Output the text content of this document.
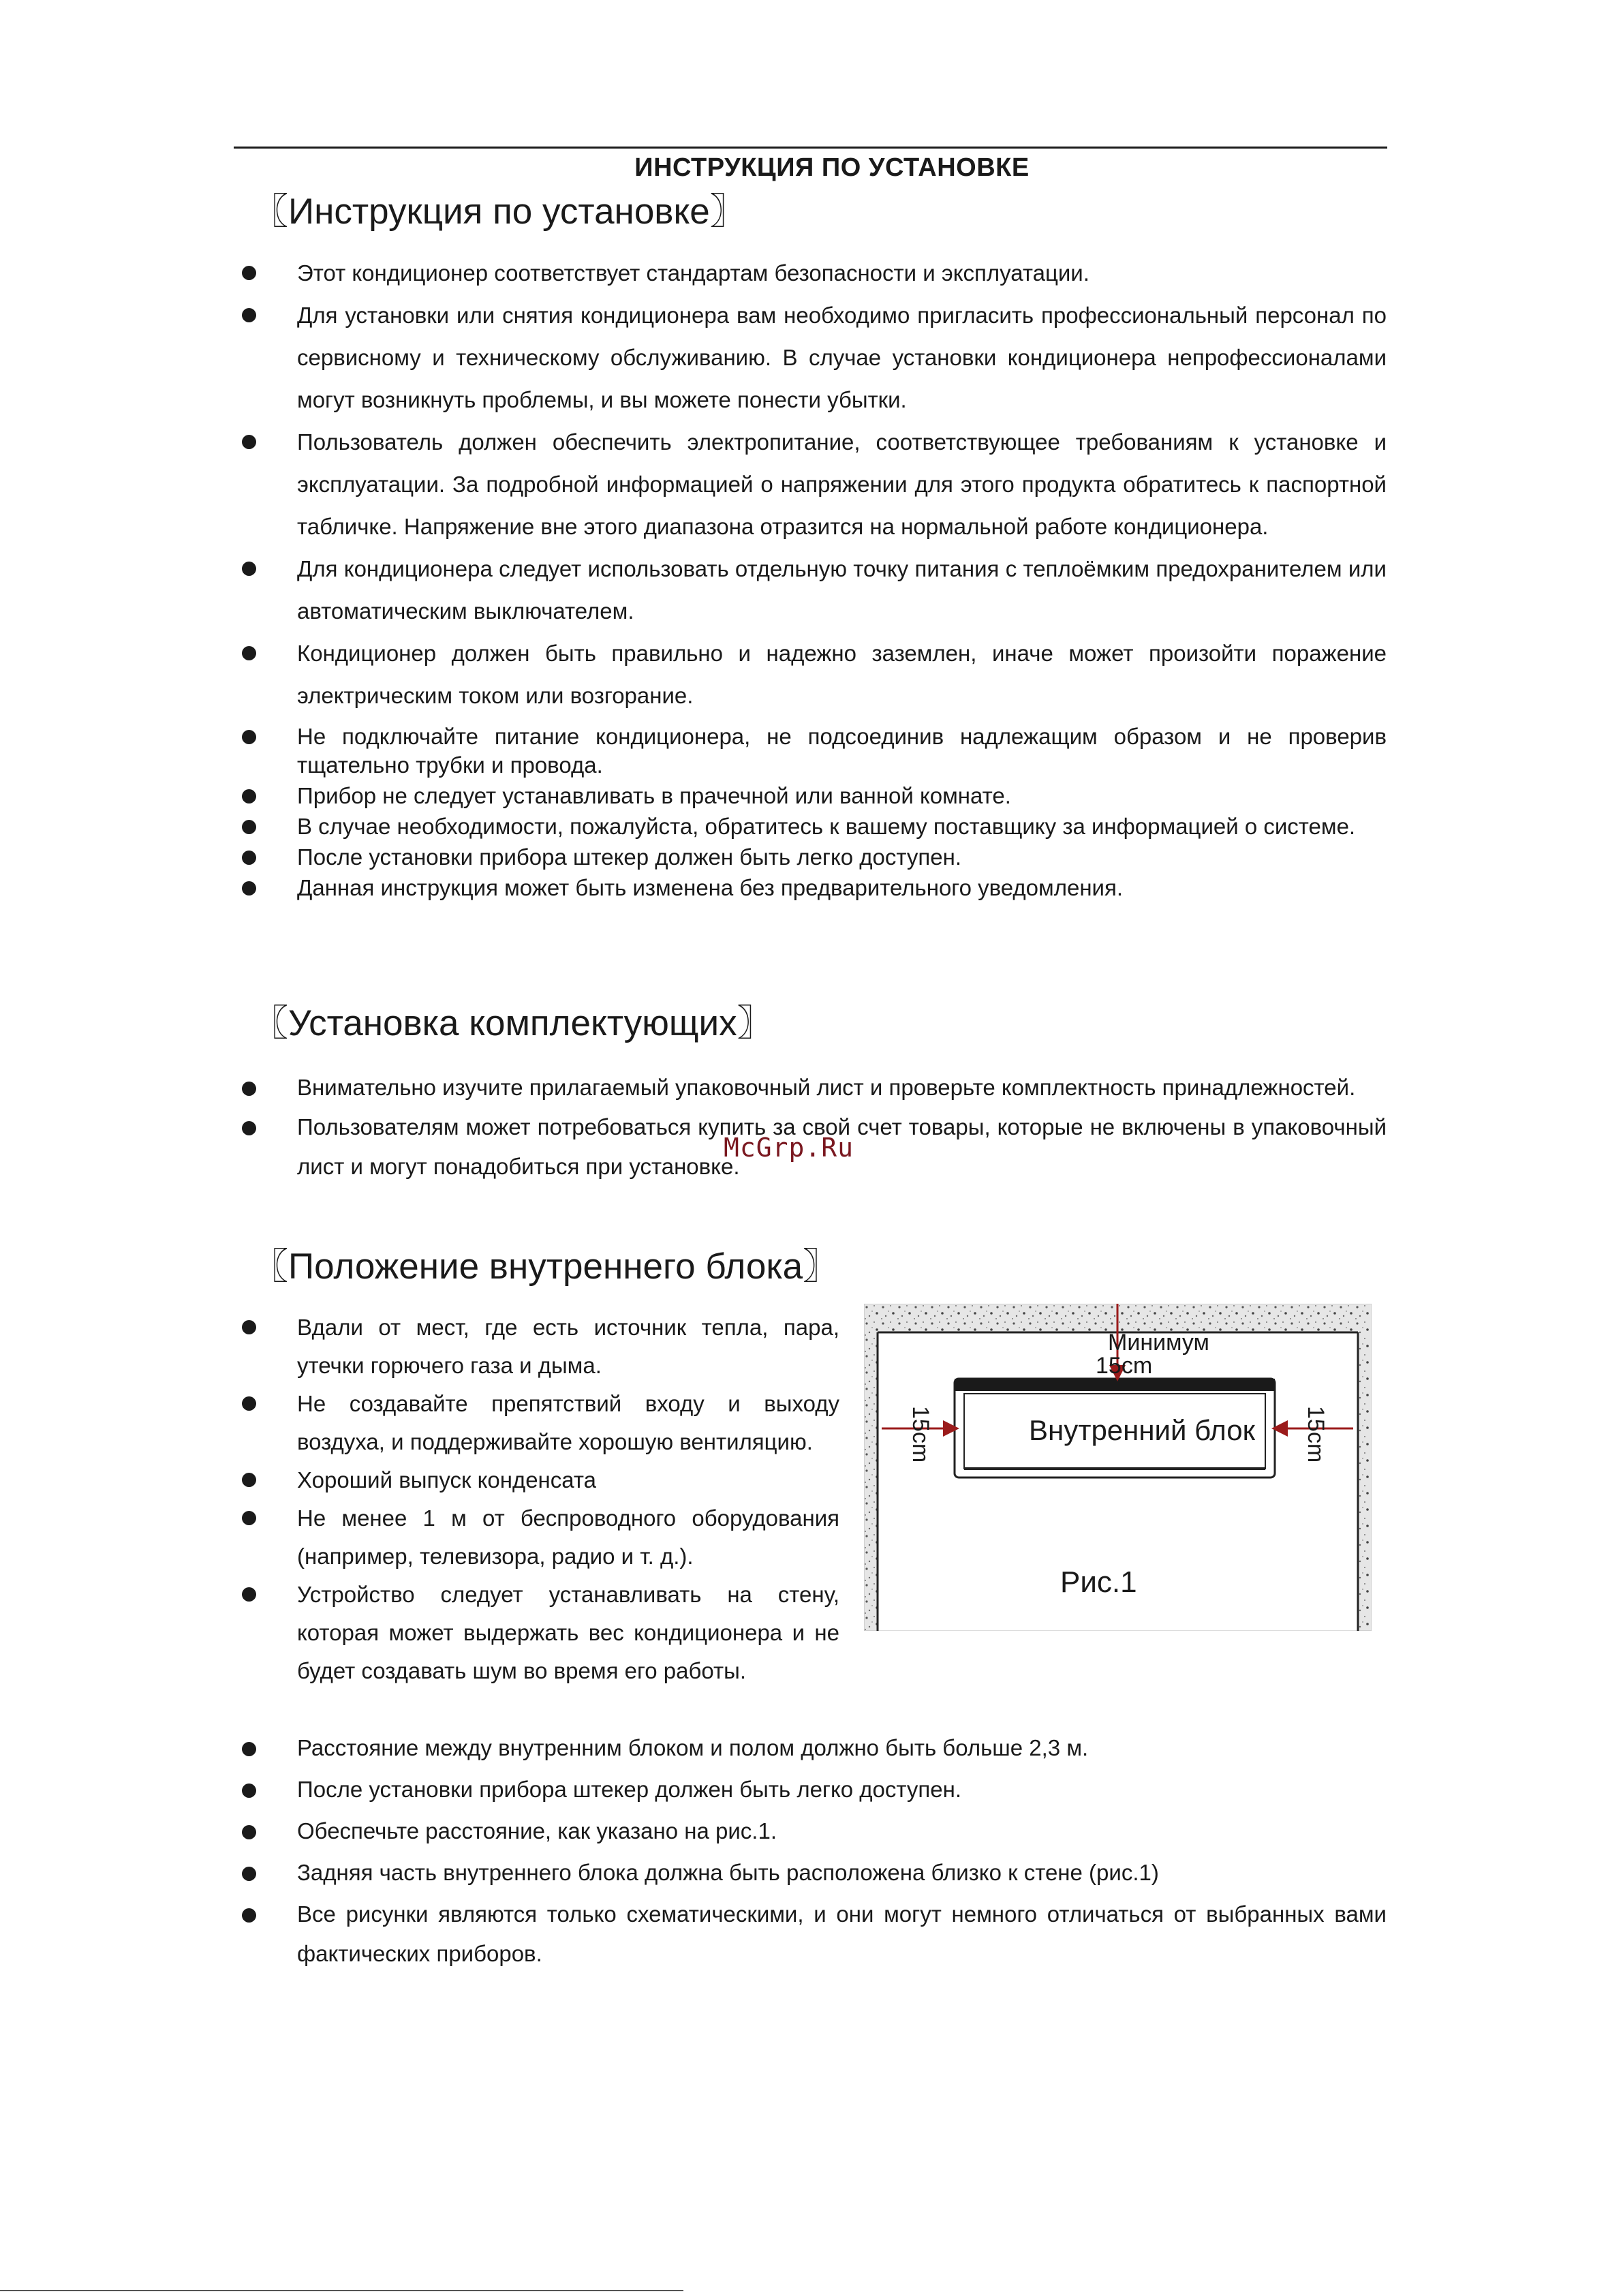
ИНСТРУКЦИЯ ПО УСТАНОВКЕ
〖Инструкция по установке〗
Этот кондиционер соответствует стандартам безопасности и эксплуатации.
Для установки или снятия кондиционера вам необходимо пригласить профессиональный персонал по сервисному и техническому обслуживанию. В случае установки кондиционера непрофессионалами могут возникнуть проблемы, и вы можете понести убытки.
Пользователь должен обеспечить электропитание, соответствующее требованиям к установке и эксплуатации. За подробной информацией о напряжении для этого продукта обратитесь к паспортной табличке. Напряжение вне этого диапазона отразится на нормальной работе кондиционера.
Для кондиционера следует использовать отдельную точку питания с теплоёмким предохранителем или автоматическим выключателем.
Кондиционер должен быть правильно и надежно заземлен, иначе может произойти поражение электрическим током или возгорание.
Не подключайте питание кондиционера, не подсоединив надлежащим образом и не проверив тщательно трубки и провода.
Прибор не следует устанавливать в прачечной или ванной комнате.
В случае необходимости, пожалуйста, обратитесь к вашему поставщику за информацией о системе.
После установки прибора штекер должен быть легко доступен.
Данная инструкция может быть изменена без предварительного уведомления.
〖Установка комплектующих〗
Внимательно изучите прилагаемый упаковочный лист и проверьте комплектность принадлежностей.
Пользователям может потребоваться купить за свой счет товары, которые не включены в упаковочный лист и могут понадобиться при установке.
McGrp.Ru
〖Положение внутреннего блока〗
Вдали от мест, где есть источник тепла, пара, утечки горючего газа и дыма.
Не создавайте препятствий входу и выходу воздуха, и поддерживайте хорошую вентиляцию.
Хороший выпуск конденсата
Не менее 1 м от беспроводного оборудования (например, телевизора, радио и т. д.).
Устройство следует устанавливать на стену, которая может выдержать вес кондиционера и не будет создавать шум во время его работы.
Расстояние между внутренним блоком и полом должно быть больше 2,3 м.
После установки прибора штекер должен быть легко доступен.
Обеспечьте расстояние, как указано на рис.1.
Задняя часть внутреннего блока должна быть расположена близко к стене (рис.1)
Все рисунки являются только схематическими, и они могут немного отличаться от выбранных вами фактических приборов.
Минимум
15cm
Внутренний блок
15cm	15cm
Рис.1
